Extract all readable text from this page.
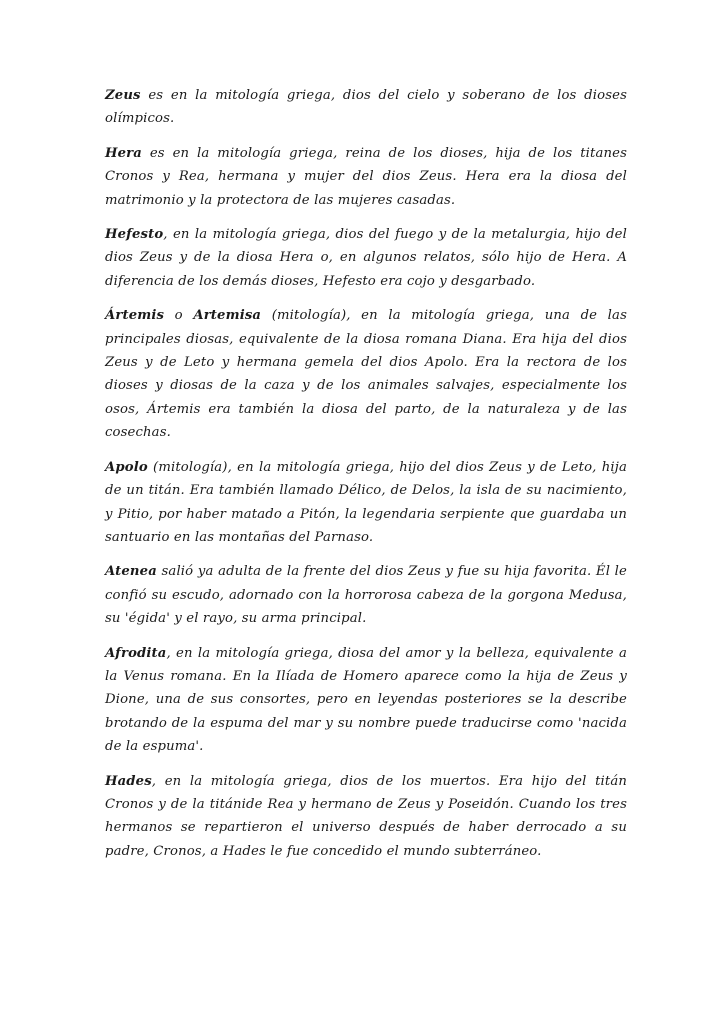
Zeus es en la mitología griega, dios del cielo y soberano de los dioses olímpicos.

Hera es en la mitología griega, reina de los dioses, hija de los titanes Cronos y Rea, hermana y mujer del dios Zeus. Hera era la diosa del matrimonio y la protectora de las mujeres casadas.

Hefesto, en la mitología griega, dios del fuego y de la metalurgia, hijo del dios Zeus y de la diosa Hera o, en algunos relatos, sólo hijo de Hera. A diferencia de los demás dioses, Hefesto era cojo y desgarbado.

Ártemis o Artemisa (mitología), en la mitología griega, una de las principales diosas, equivalente de la diosa romana Diana. Era hija del dios Zeus y de Leto y hermana gemela del dios Apolo. Era la rectora de los dioses y diosas de la caza y de los animales salvajes, especialmente los osos, Ártemis era también la diosa del parto, de la naturaleza y de las cosechas.

Apolo (mitología), en la mitología griega, hijo del dios Zeus y de Leto, hija de un titán. Era también llamado Délico, de Delos, la isla de su nacimiento, y Pitio, por haber matado a Pitón, la legendaria serpiente que guardaba un santuario en las montañas del Parnaso.

Atenea salió ya adulta de la frente del dios Zeus y fue su hija favorita. Él le confió su escudo, adornado con la horrorosa cabeza de la gorgona Medusa, su 'égida' y el rayo, su arma principal.

Afrodita, en la mitología griega, diosa del amor y la belleza, equivalente a la Venus romana. En la Ilíada de Homero aparece como la hija de Zeus y Dione, una de sus consortes, pero en leyendas posteriores se la describe brotando de la espuma del mar y su nombre puede traducirse como 'nacida de la espuma'.

Hades, en la mitología griega, dios de los muertos. Era hijo del titán Cronos y de la titánide Rea y hermano de Zeus y Poseidón. Cuando los tres hermanos se repartieron el universo después de haber derrocado a su padre, Cronos, a Hades le fue concedido el mundo subterráneo.
